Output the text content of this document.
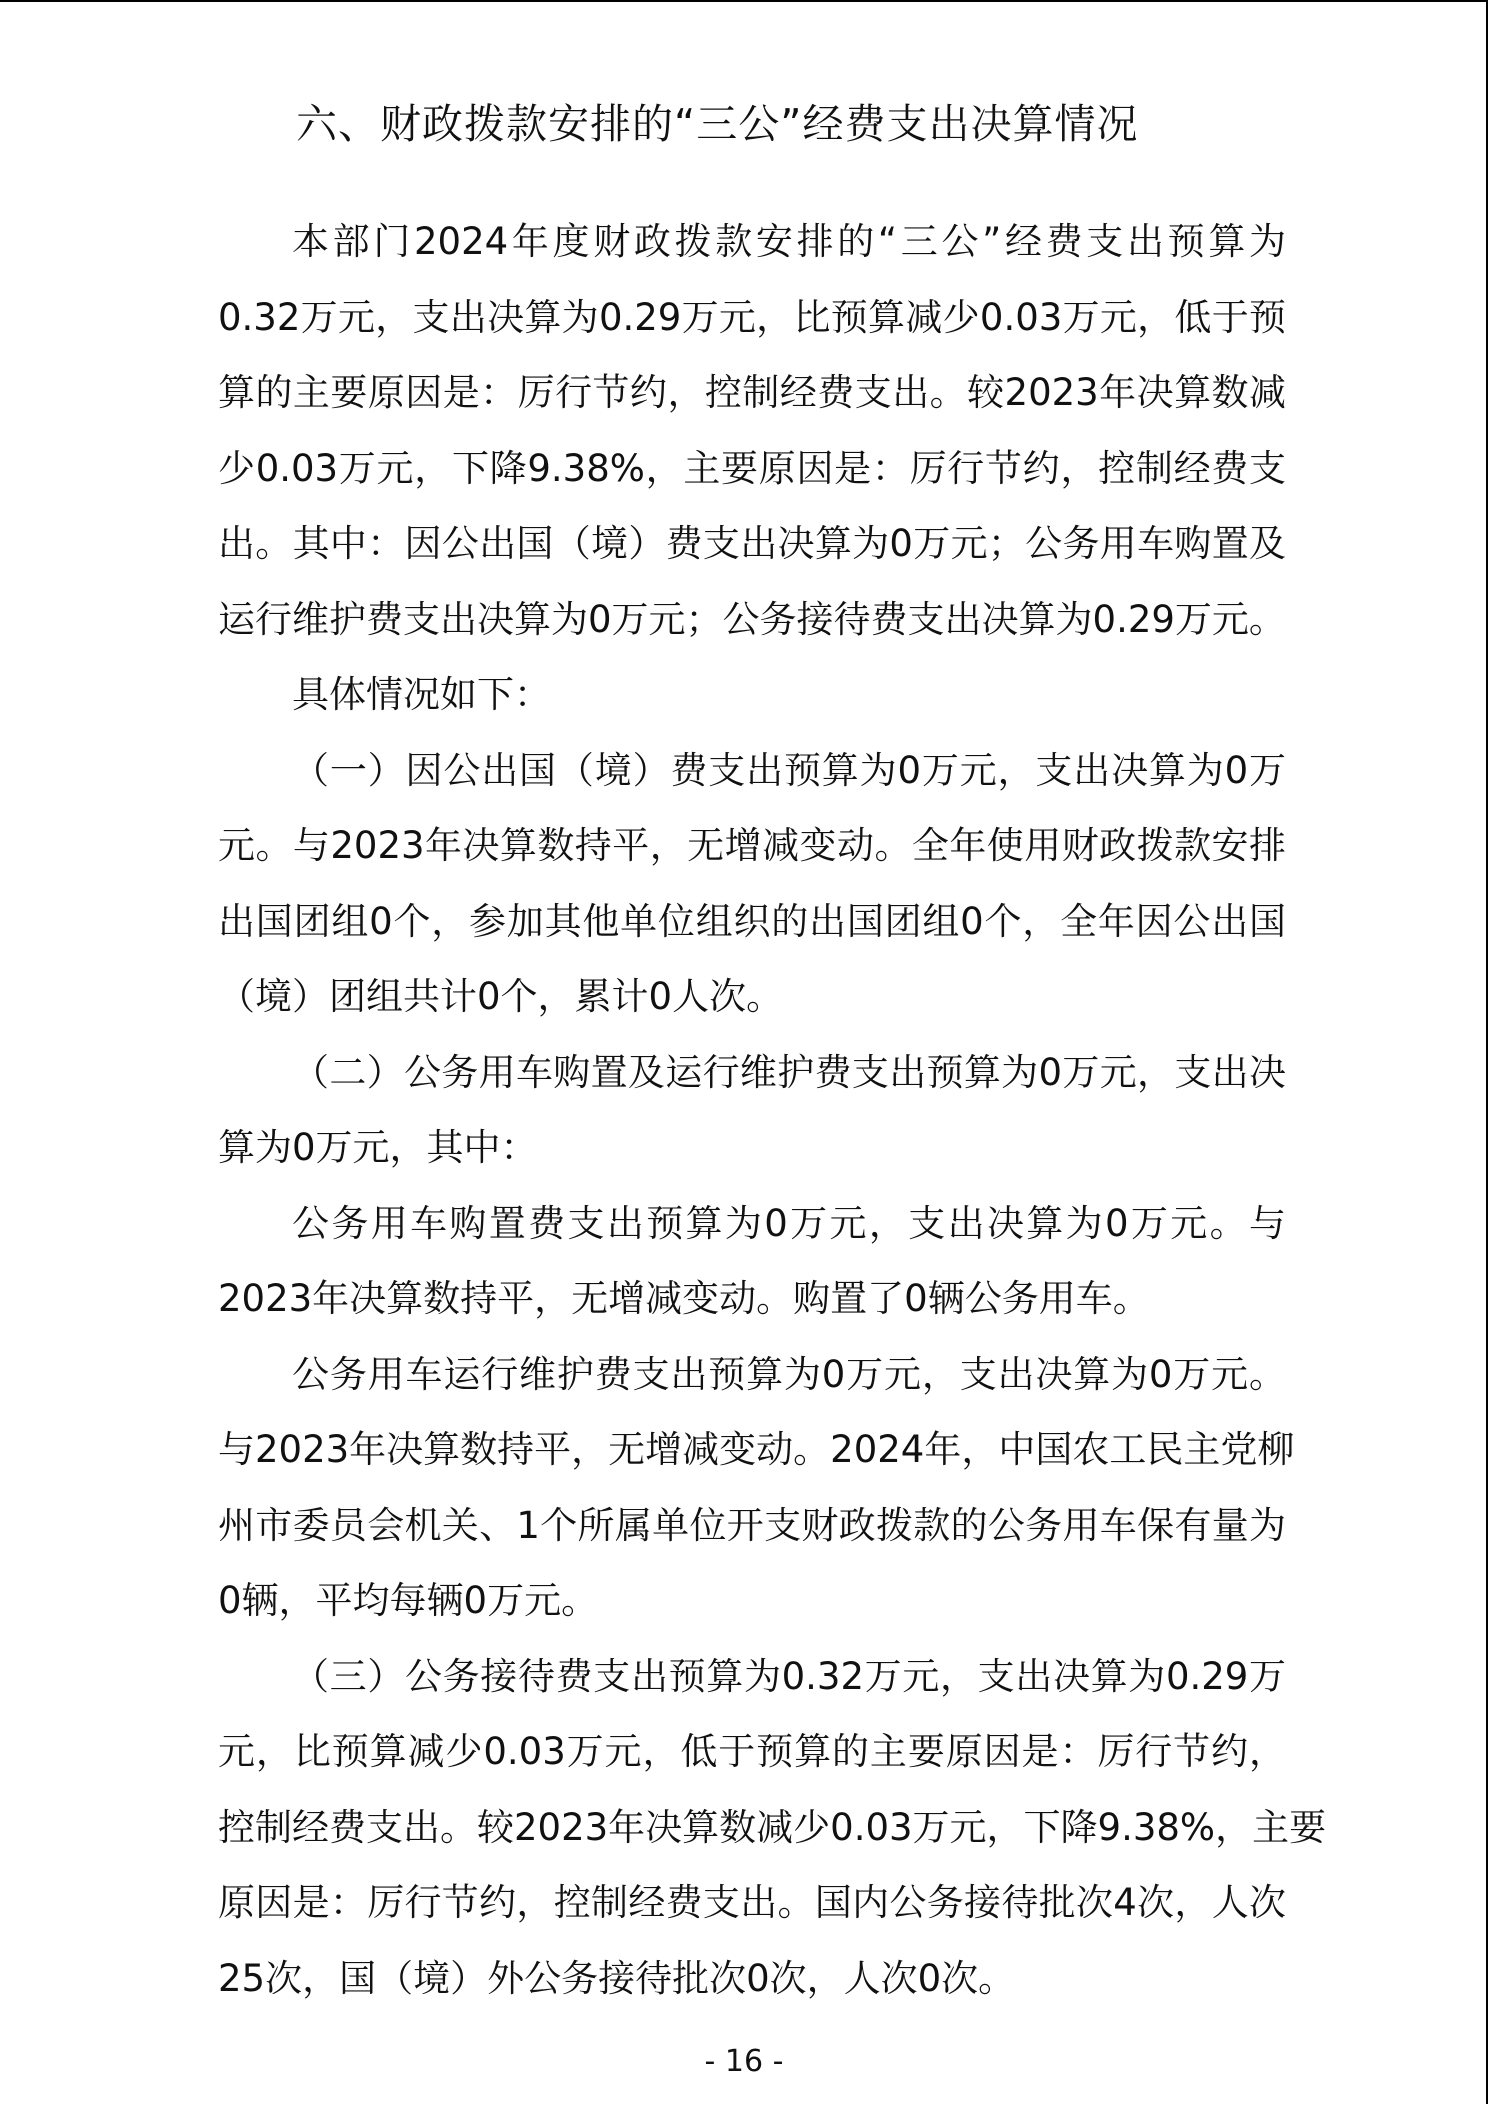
六、财政拨款安排的“三公”经费支出决算情况

本部门2024年度财政拨款安排的“三公”经费支出预算为
0.32万元，支出决算为0.29万元，比预算减少0.03万元，低于预
算的主要原因是：厉行节约，控制经费支出。较2023年决算数减
少0.03万元，下降9.38%，主要原因是：厉行节约，控制经费支
出。其中：因公出国（境）费支出决算为0万元；公务用车购置及
运行维护费支出决算为0万元；公务接待费支出决算为0.29万元。

具体情况如下：

（一）因公出国（境）费支出预算为0万元，支出决算为0万
元。与2023年决算数持平，无增减变动。全年使用财政拨款安排
出国团组0个，参加其他单位组织的出国团组0个，全年因公出国
（境）团组共计0个，累计0人次。

（二）公务用车购置及运行维护费支出预算为0万元，支出决
算为0万元，其中：

公务用车购置费支出预算为0万元，支出决算为0万元。与
2023年决算数持平，无增减变动。购置了0辆公务用车。

公务用车运行维护费支出预算为0万元，支出决算为0万元。
与2023年决算数持平，无增减变动。2024年，中国农工民主党柳
州市委员会机关、1个所属单位开支财政拨款的公务用车保有量为
0辆，平均每辆0万元。

（三）公务接待费支出预算为0.32万元，支出决算为0.29万
元，比预算减少0.03万元，低于预算的主要原因是：厉行节约，
控制经费支出。较2023年决算数减少0.03万元，下降9.38%，主要
原因是：厉行节约，控制经费支出。国内公务接待批次4次，人次
25次，国（境）外公务接待批次0次，人次0次。

- 16 -
